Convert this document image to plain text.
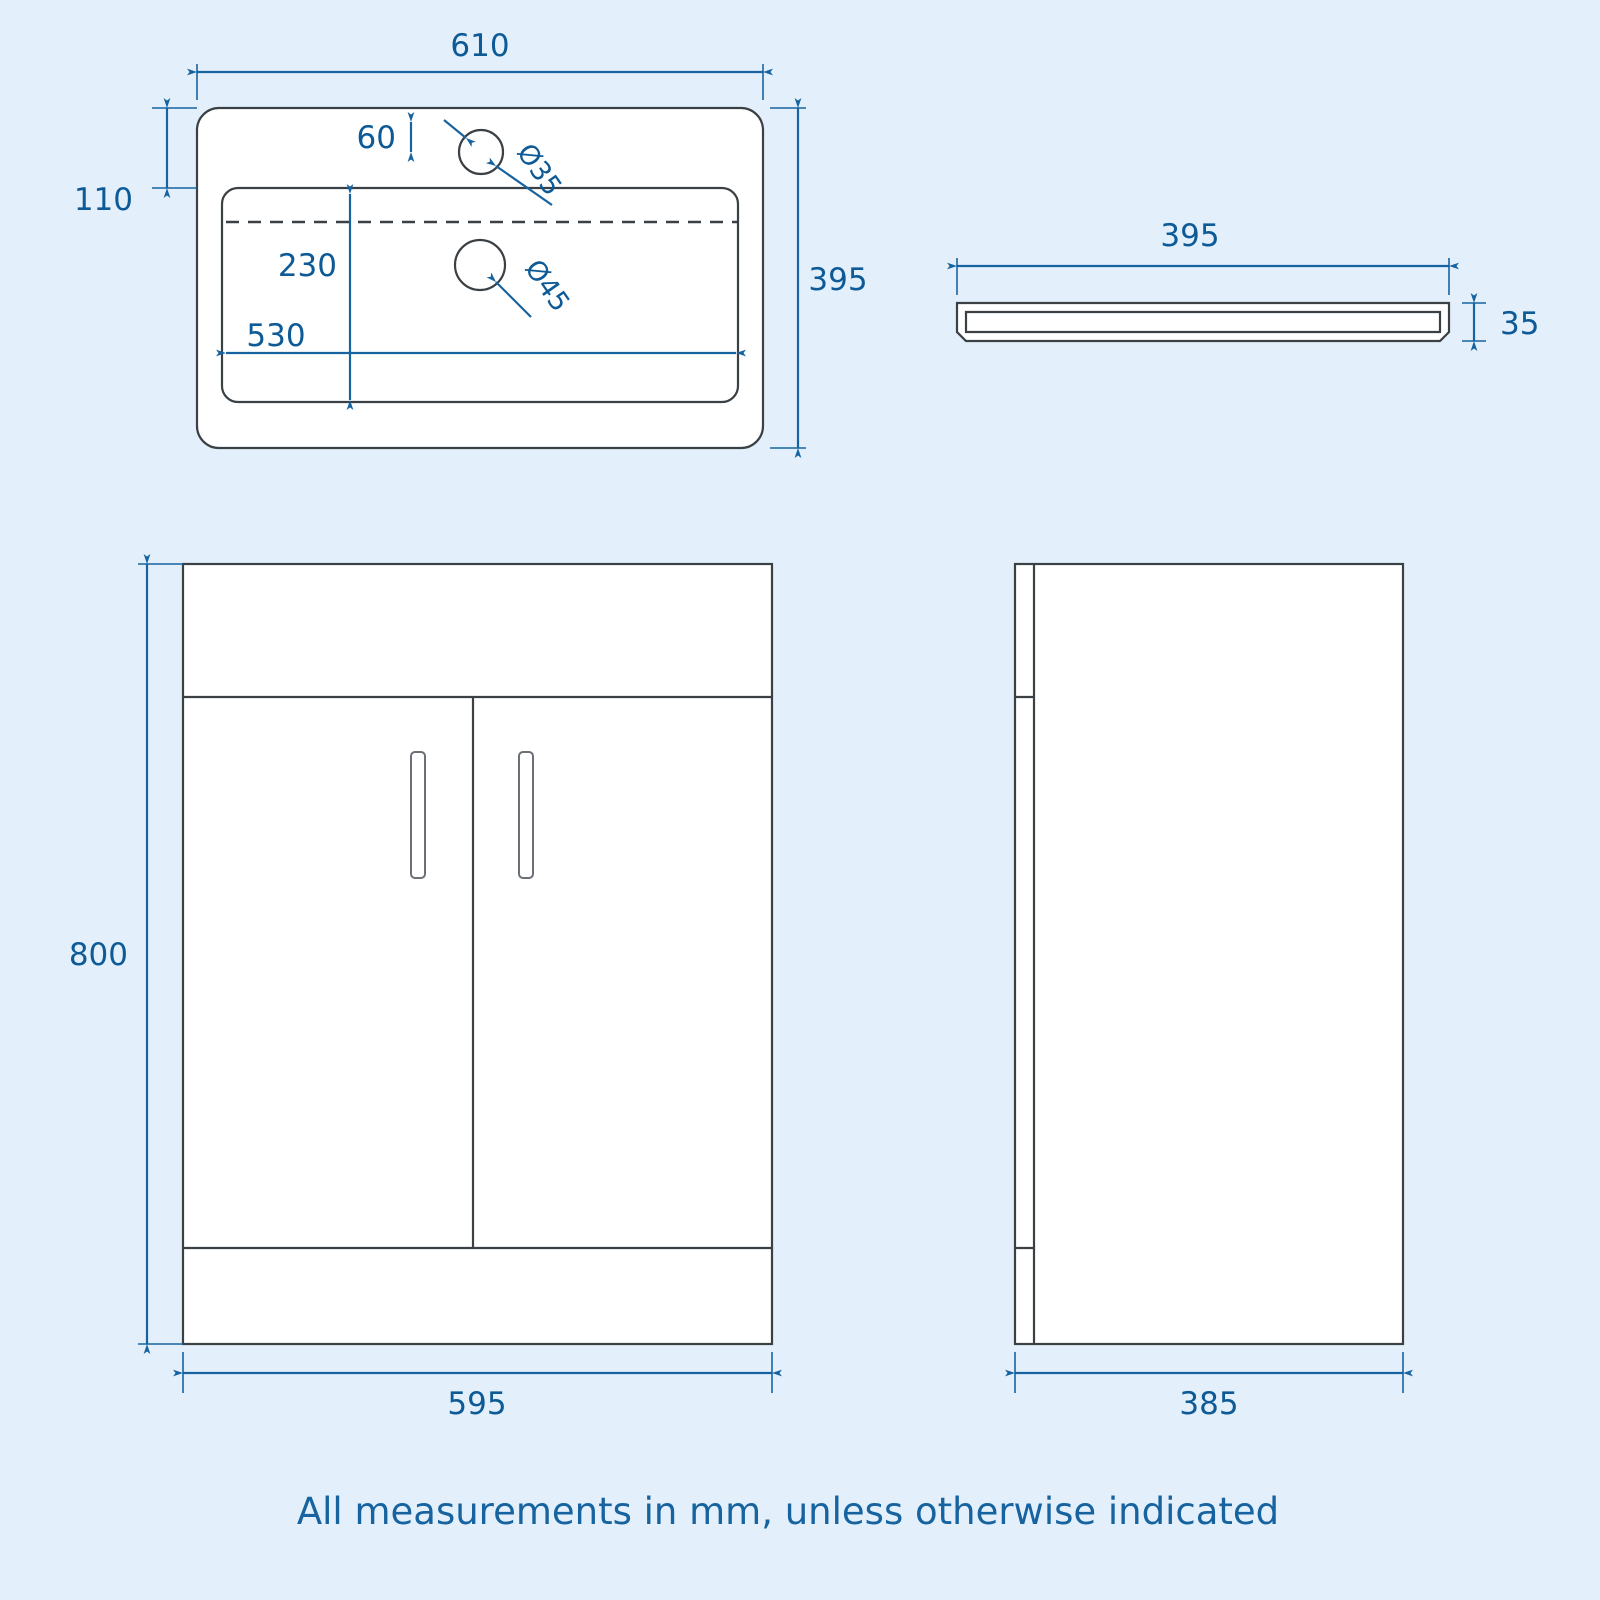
610
395
110
60
Ø35
Ø45
230
530
395
35
800
595	385
All measurements in mm, unless otherwise indicated
